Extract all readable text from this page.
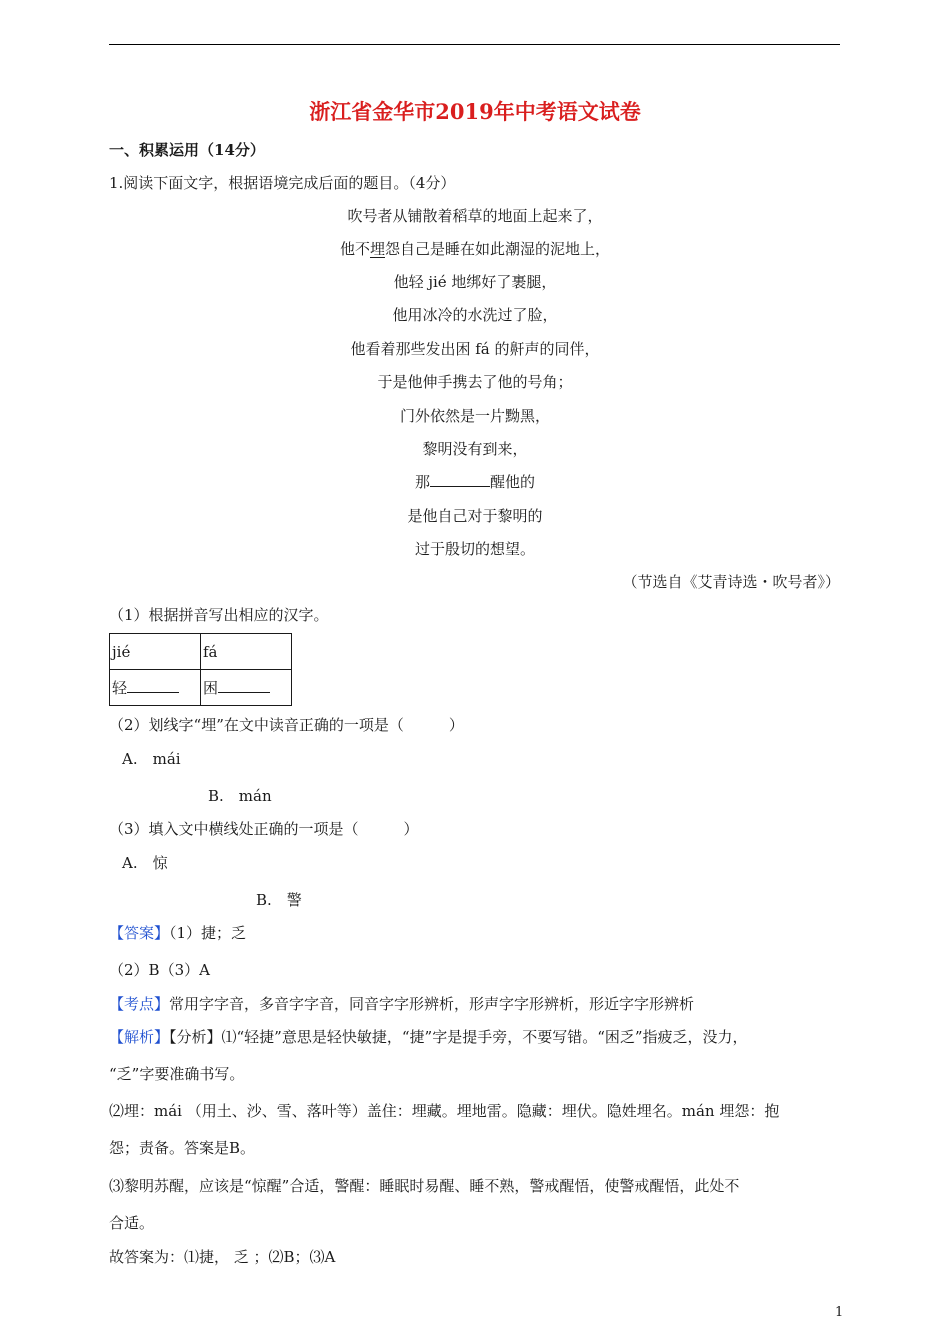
浙江省金华市2019年中考语文试卷
一、积累运用（14分）
1.阅读下面文字，根据语境完成后面的题目。（4分）
吹号者从铺散着稻草的地面上起来了，
他不埋怨自己是睡在如此潮湿的泥地上，
他轻 jié 地绑好了裹腿，
他用冰冷的水洗过了脸，
他看着那些发出困 fá 的鼾声的同伴，
于是他伸手携去了他的号角；
门外依然是一片黝黑，
黎明没有到来，
那	醒他的
是他自己对于黎明的
过于殷切的想望。
（节选自《艾青诗选・吹号者》）
（1）根据拼音写出相应的汉字。
jié	fá
轻	困
（2）划线字“埋”在文中读音正确的一项是（　　　）
A.　mái
B.　mán
（3）填入文中横线处正确的一项是（　　　）
A.　惊
B.　警
【答案】（1）捷；乏
（2）B（3）A
【考点】常用字字音，多音字字音，同音字字形辨析，形声字字形辨析，形近字字形辨析
【解析】【分析】⑴“轻捷”意思是轻快敏捷，“捷”字是提手旁，不要写错。“困乏”指疲乏，没力，
“乏”字要准确书写。
⑵埋：mái （用土、沙、雪、落叶等）盖住：埋藏。埋地雷。隐藏：埋伏。隐姓埋名。mán 埋怨：抱
怨；责备。答案是B。
⑶黎明苏醒，应该是“惊醒”合适，警醒：睡眠时易醒、睡不熟，警戒醒悟，使警戒醒悟，此处不
合适。
故答案为：⑴捷， 乏 ；⑵B；⑶A
1
